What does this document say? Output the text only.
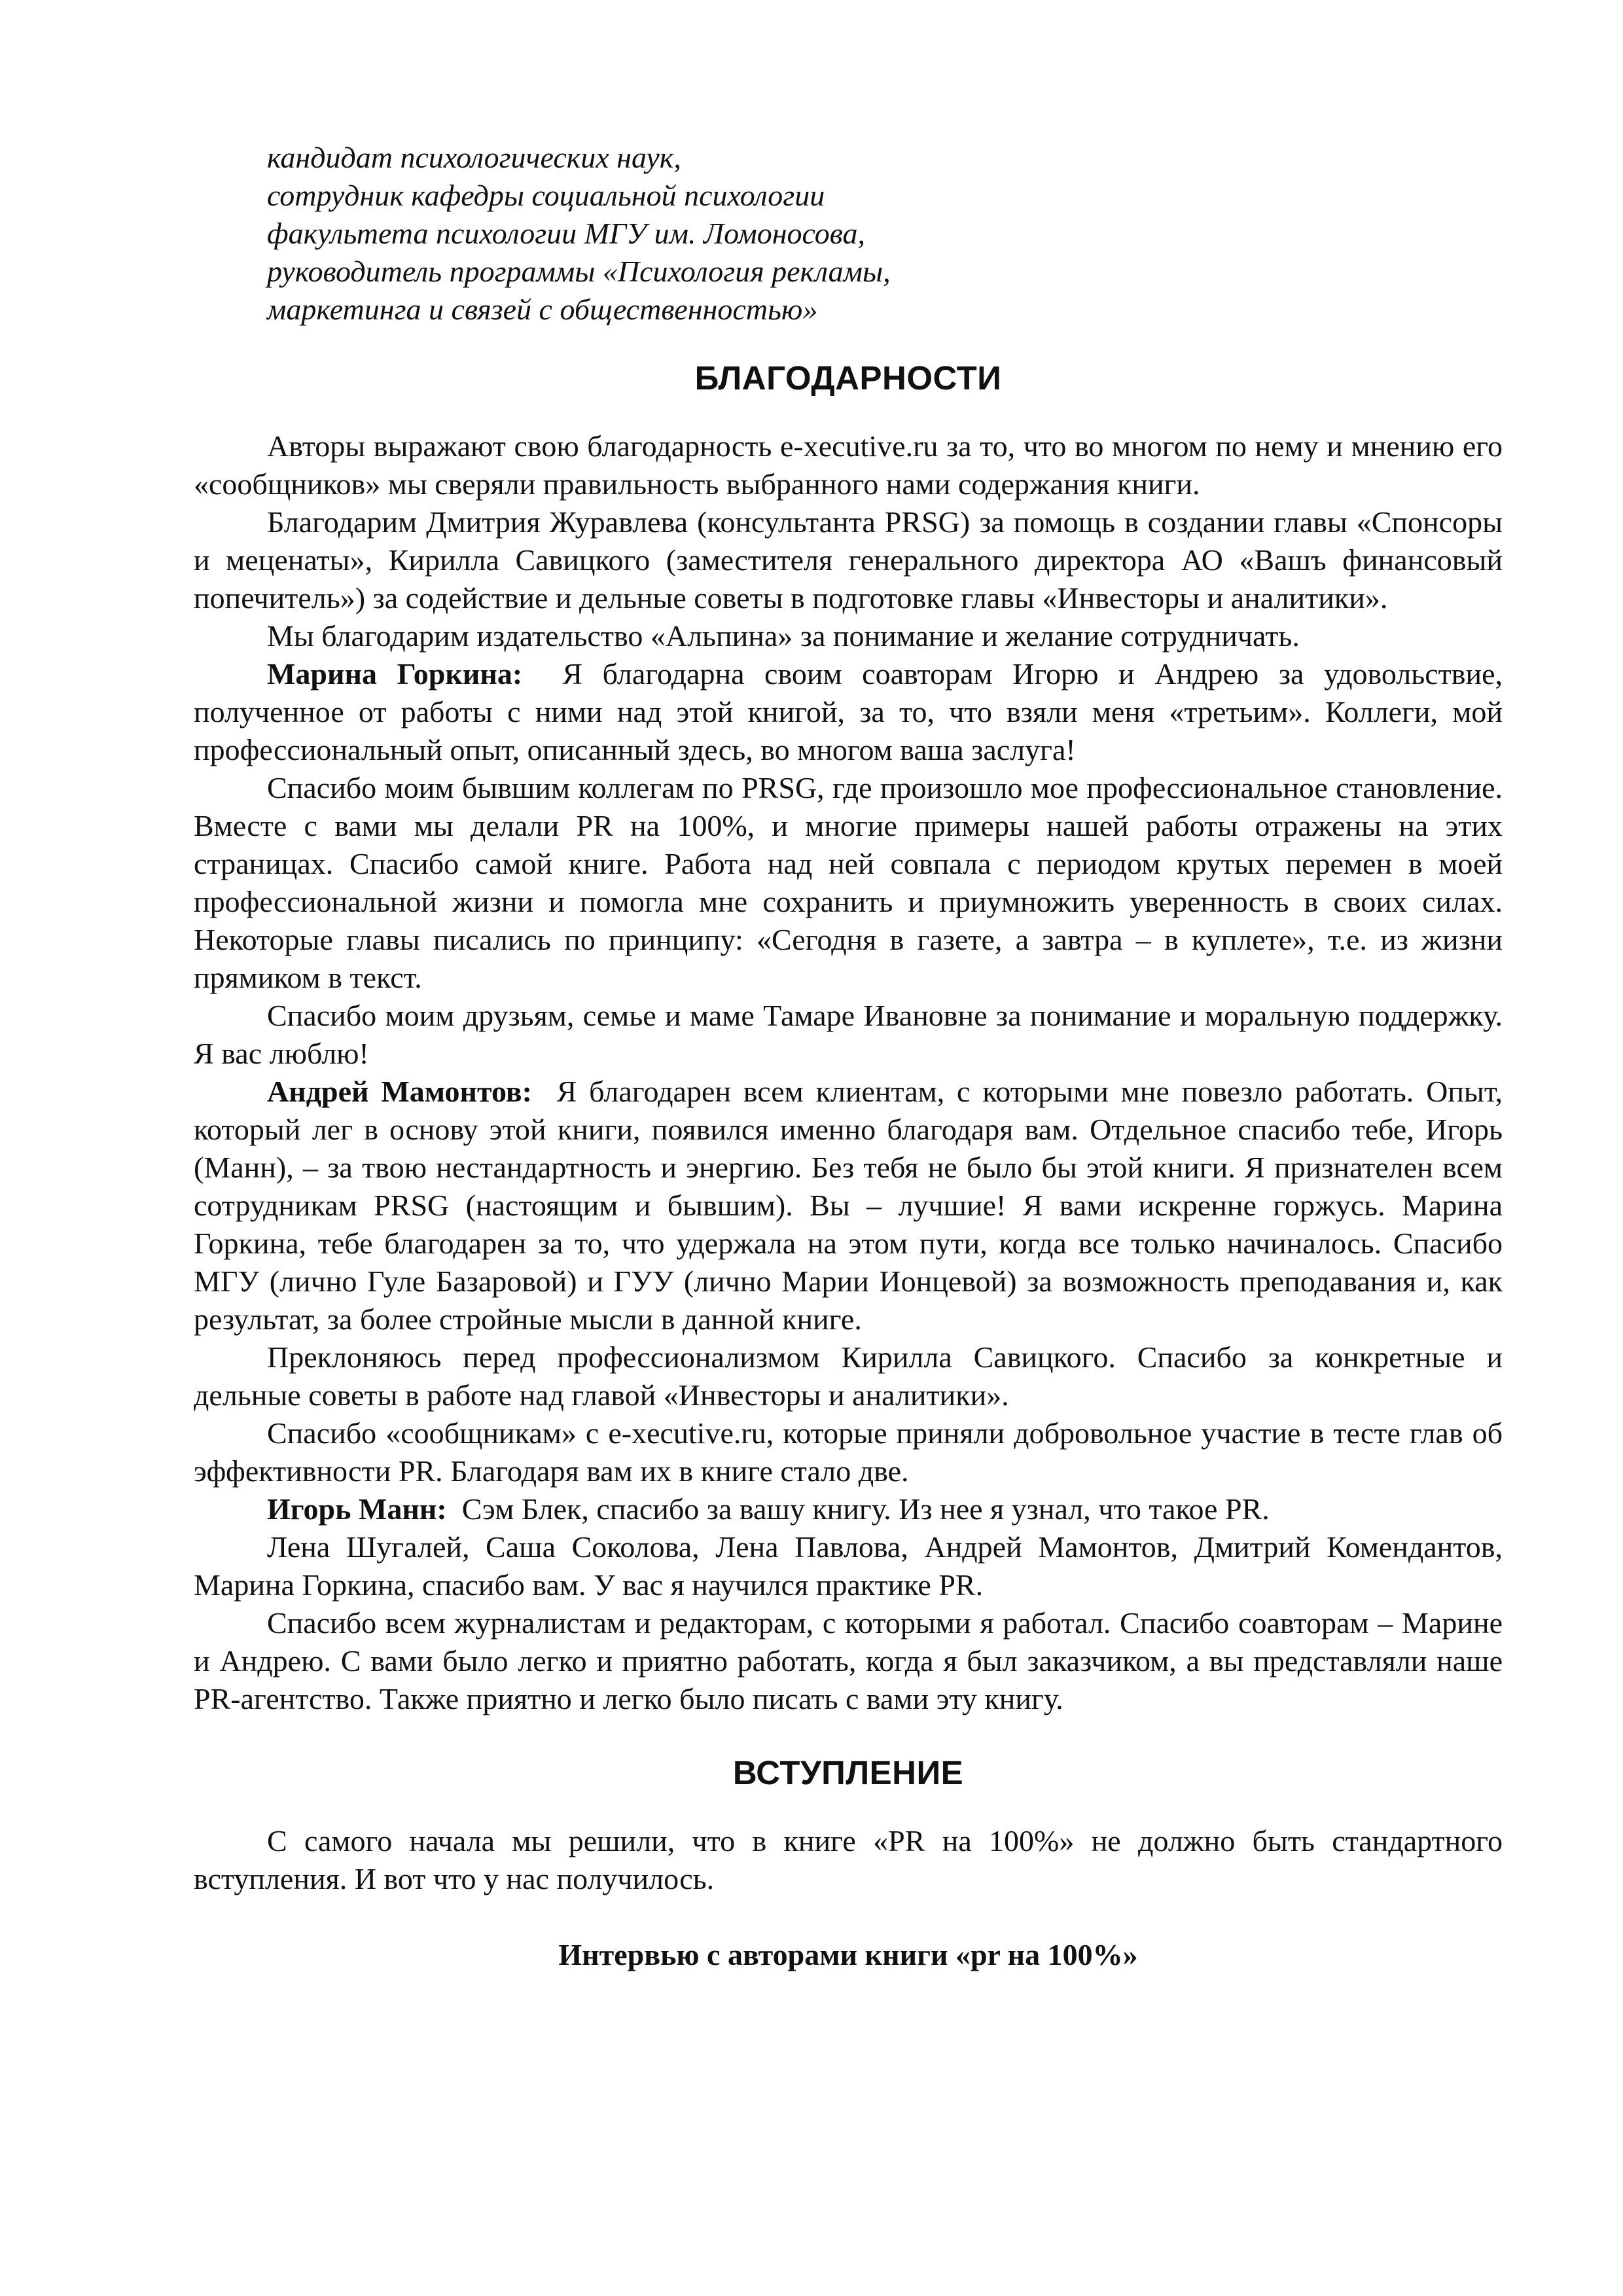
кандидат психологических наук,
сотрудник кафедры социальной психологии
факультета психологии МГУ им. Ломоносова,
руководитель программы «Психология рекламы,
маркетинга и связей с общественностью»
БЛАГОДАРНОСТИ

Авторы выражают свою благодарность e-xecutive.ru за то, что во многом по нему и мнению его «сообщников» мы сверяли правильность выбранного нами содержания книги.

Благодарим Дмитрия Журавлева (консультанта PRSG) за помощь в создании главы «Спонсоры и меценаты», Кирилла Савицкого (заместителя генерального директора АО «Вашъ финансовый попечитель») за содействие и дельные советы в подготовке главы «Инвесторы и аналитики».

Мы благодарим издательство «Альпина» за понимание и желание сотрудничать.

Марина Горкина: Я благодарна своим соавторам Игорю и Андрею за удовольствие, полученное от работы с ними над этой книгой, за то, что взяли меня «третьим». Коллеги, мой профессиональный опыт, описанный здесь, во многом ваша заслуга!

Спасибо моим бывшим коллегам по PRSG, где произошло мое профессиональное становление. Вместе с вами мы делали PR на 100%, и многие примеры нашей работы отражены на этих страницах. Спасибо самой книге. Работа над ней совпала с периодом крутых перемен в моей профессиональной жизни и помогла мне сохранить и приумножить уверенность в своих силах. Некоторые главы писались по принципу: «Сегодня в газете, а завтра – в куплете», т.е. из жизни прямиком в текст.

Спасибо моим друзьям, семье и маме Тамаре Ивановне за понимание и моральную поддержку. Я вас люблю!

Андрей Мамонтов: Я благодарен всем клиентам, с которыми мне повезло работать. Опыт, который лег в основу этой книги, появился именно благодаря вам. Отдельное спасибо тебе, Игорь (Манн), – за твою нестандартность и энергию. Без тебя не было бы этой книги. Я признателен всем сотрудникам PRSG (настоящим и бывшим). Вы – лучшие! Я вами искренне горжусь. Марина Горкина, тебе благодарен за то, что удержала на этом пути, когда все только начиналось. Спасибо МГУ (лично Гуле Базаровой) и ГУУ (лично Марии Ионцевой) за возможность преподавания и, как результат, за более стройные мысли в данной книге.

Преклоняюсь перед профессионализмом Кирилла Савицкого. Спасибо за конкретные и дельные советы в работе над главой «Инвесторы и аналитики».

Спасибо «сообщникам» с e-xecutive.ru, которые приняли добровольное участие в тесте глав об эффективности PR. Благодаря вам их в книге стало две.

Игорь Манн: Сэм Блек, спасибо за вашу книгу. Из нее я узнал, что такое PR.

Лена Шугалей, Саша Соколова, Лена Павлова, Андрей Мамонтов, Дмитрий Комендантов, Марина Горкина, спасибо вам. У вас я научился практике PR.

Спасибо всем журналистам и редакторам, с которыми я работал. Спасибо соавторам – Марине и Андрею. С вами было легко и приятно работать, когда я был заказчиком, а вы представляли наше PR-агентство. Также приятно и легко было писать с вами эту книгу.

ВСТУПЛЕНИЕ

С самого начала мы решили, что в книге «PR на 100%» не должно быть стандартного вступления. И вот что у нас получилось.

Интервью с авторами книги «pr на 100%»
